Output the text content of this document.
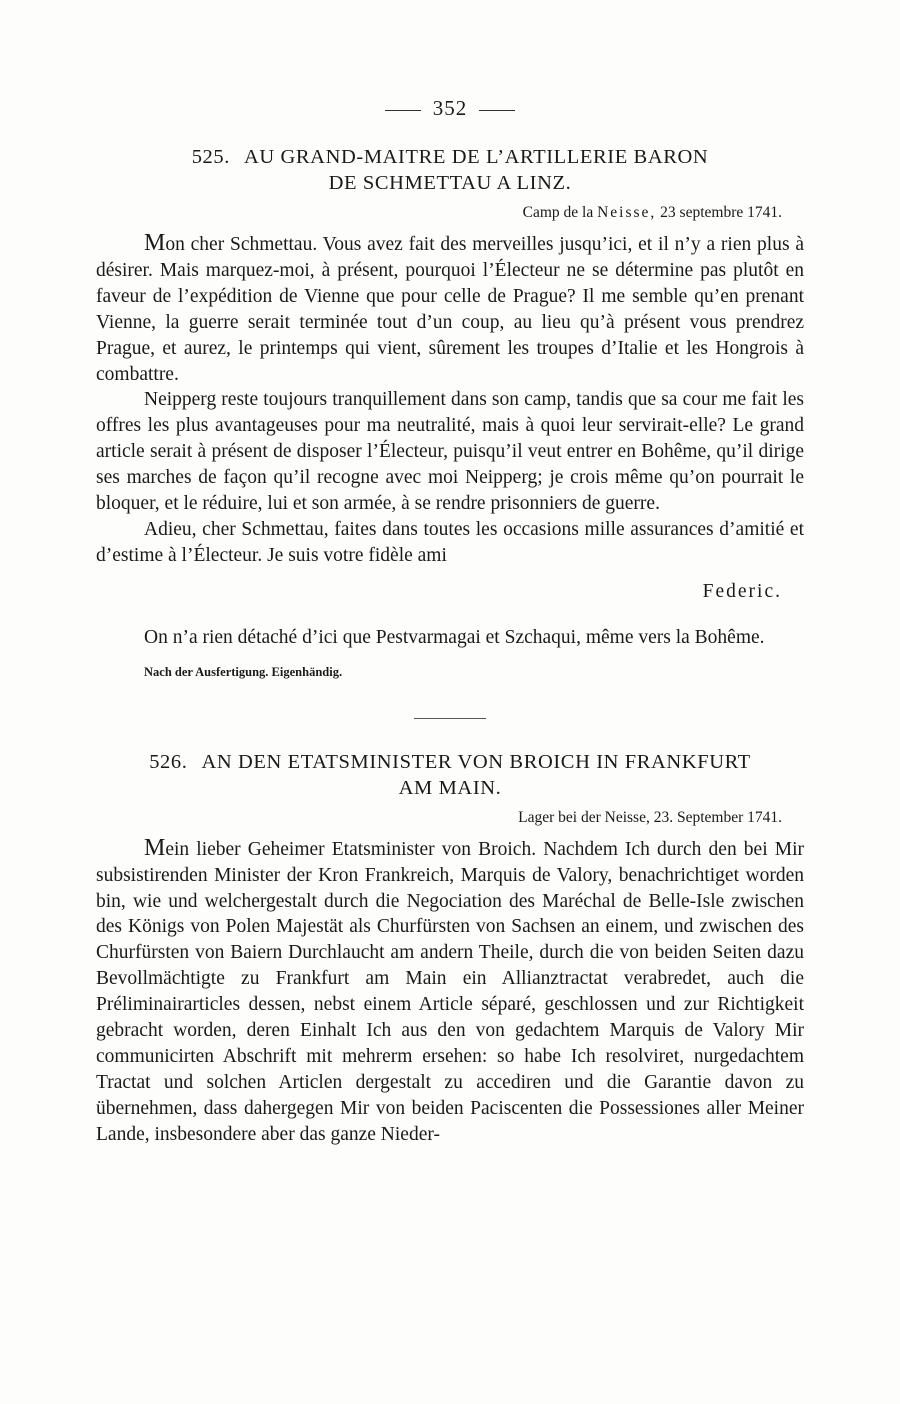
352
525. AU GRAND-MAITRE DE L’ARTILLERIE BARON
DE SCHMETTAU A LINZ.
Camp de la Neisse, 23 septembre 1741.

Mon cher Schmettau. Vous avez fait des merveilles jusqu’ici, et il n’y a rien plus à désirer. Mais marquez-moi, à présent, pourquoi l’Électeur ne se détermine pas plutôt en faveur de l’expédition de Vienne que pour celle de Prague? Il me semble qu’en prenant Vienne, la guerre serait terminée tout d’un coup, au lieu qu’à présent vous prendrez Prague, et aurez, le printemps qui vient, sûrement les troupes d’Italie et les Hongrois à combattre.

Neipperg reste toujours tranquillement dans son camp, tandis que sa cour me fait les offres les plus avantageuses pour ma neutralité, mais à quoi leur servirait-elle? Le grand article serait à présent de disposer l’Électeur, puisqu’il veut entrer en Bohême, qu’il dirige ses marches de façon qu’il recogne avec moi Neipperg; je crois même qu’on pourrait le bloquer, et le réduire, lui et son armée, à se rendre prisonniers de guerre.

Adieu, cher Schmettau, faites dans toutes les occasions mille assurances d’amitié et d’estime à l’Électeur. Je suis votre fidèle ami

Federic.

On n’a rien détaché d’ici que Pestvarmagai et Szchaqui, même vers la Bohême.

Nach der Ausfertigung. Eigenhändig.
526. AN DEN ETATSMINISTER VON BROICH IN FRANKFURT
AM MAIN.
Lager bei der Neisse, 23. September 1741.

Mein lieber Geheimer Etatsminister von Broich. Nachdem Ich durch den bei Mir subsistirenden Minister der Kron Frankreich, Marquis de Valory, benachrichtiget worden bin, wie und welchergestalt durch die Negociation des Maréchal de Belle-Isle zwischen des Königs von Polen Majestät als Churfürsten von Sachsen an einem, und zwischen des Churfürsten von Baiern Durchlaucht am andern Theile, durch die von beiden Seiten dazu Bevollmächtigte zu Frankfurt am Main ein Allianztractat verabredet, auch die Préliminairarticles dessen, nebst einem Article séparé, geschlossen und zur Richtigkeit gebracht worden, deren Einhalt Ich aus den von gedachtem Marquis de Valory Mir communicirten Abschrift mit mehrerm ersehen: so habe Ich resolviret, nurgedachtem Tractat und solchen Articlen dergestalt zu accediren und die Garantie davon zu übernehmen, dass dahergegen Mir von beiden Paciscenten die Possessiones aller Meiner Lande, insbesondere aber das ganze Nieder-
